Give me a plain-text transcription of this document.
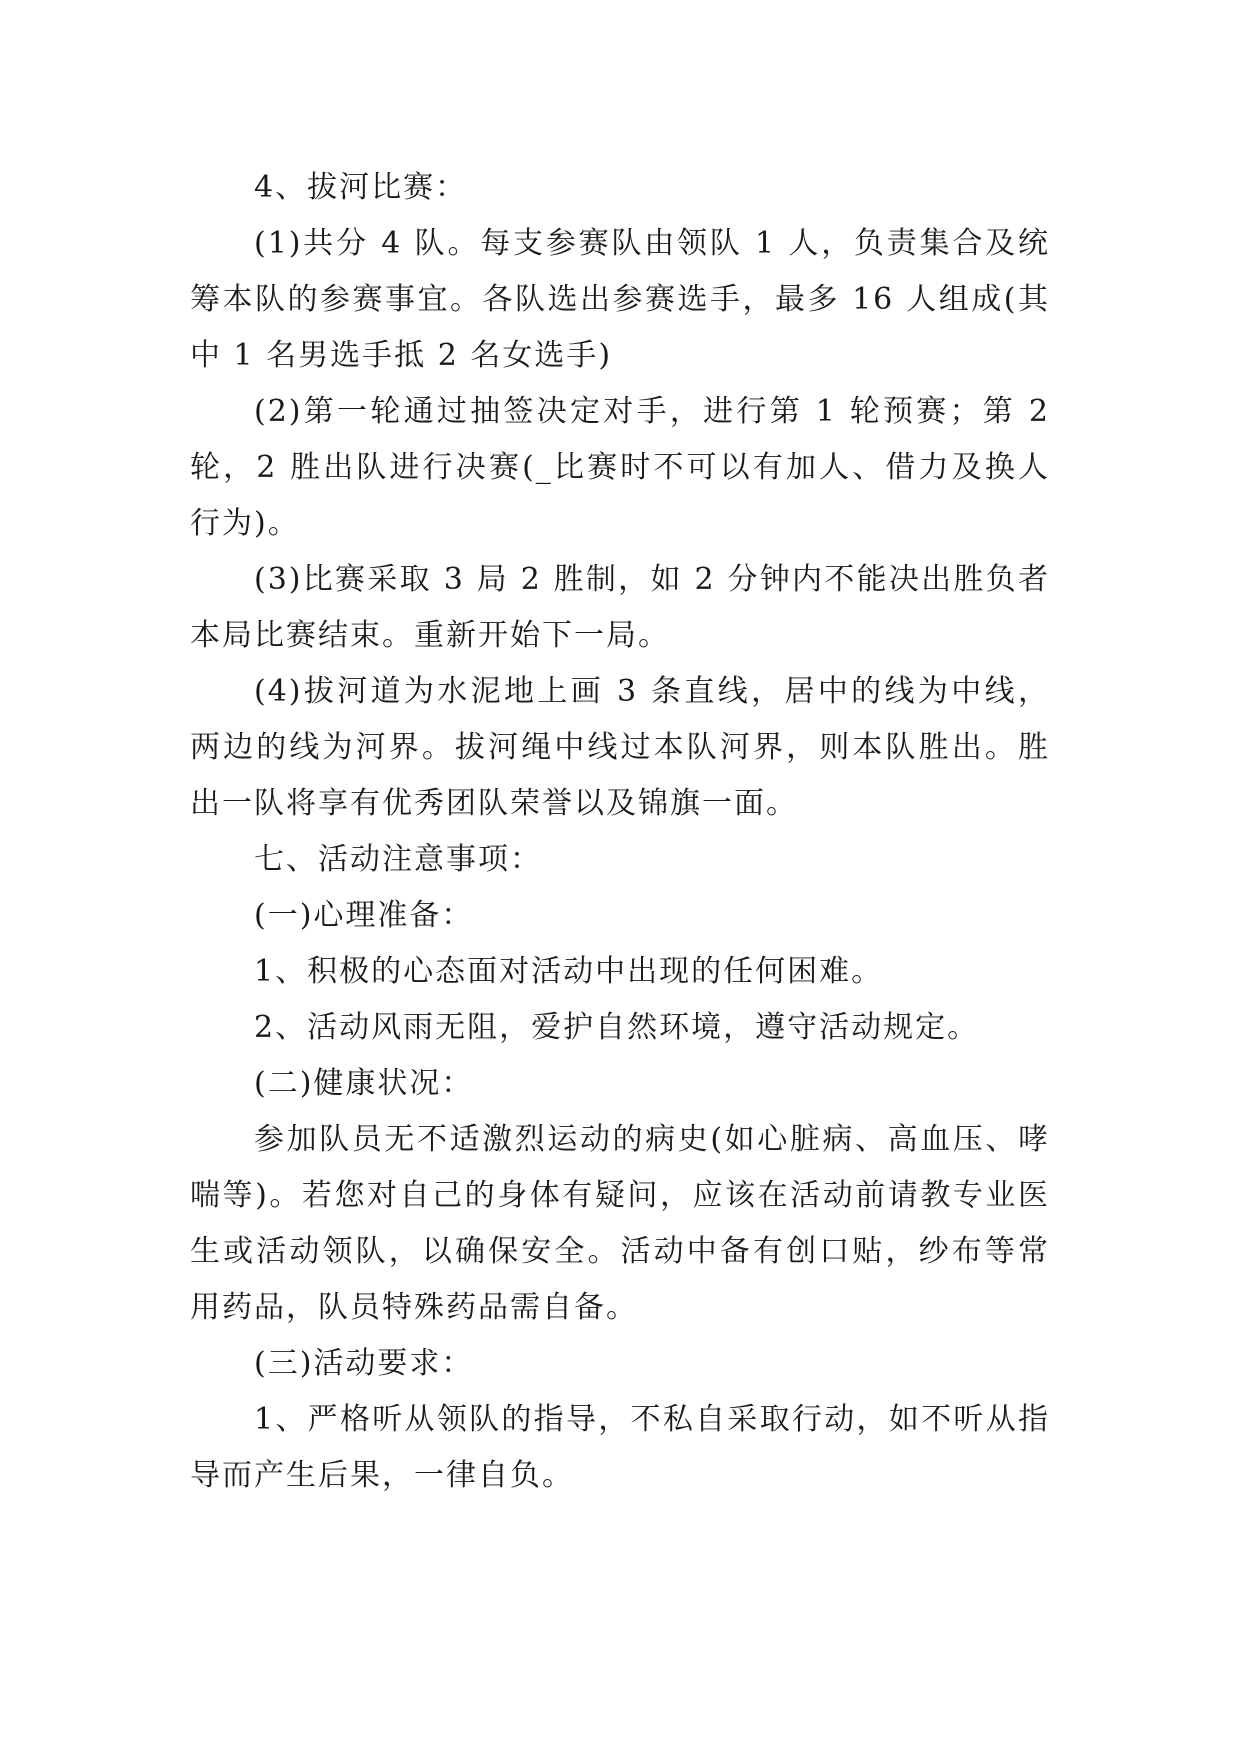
4、拔河比赛：

(1)共分 4 队。每支参赛队由领队 1 人，负责集合及统筹本队的参赛事宜。各队选出参赛选手，最多 16 人组成(其中 1 名男选手抵 2 名女选手)

(2)第一轮通过抽签决定对手，进行第 1 轮预赛；第 2 轮，2 胜出队进行决赛(_比赛时不可以有加人、借力及换人行为)。

(3)比赛采取 3 局 2 胜制，如 2 分钟内不能决出胜负者本局比赛结束。重新开始下一局。

(4)拔河道为水泥地上画 3 条直线，居中的线为中线，两边的线为河界。拔河绳中线过本队河界，则本队胜出。胜出一队将享有优秀团队荣誉以及锦旗一面。

七、活动注意事项：

(一)心理准备：

1、积极的心态面对活动中出现的任何困难。

2、活动风雨无阻，爱护自然环境，遵守活动规定。

(二)健康状况：

参加队员无不适激烈运动的病史(如心脏病、高血压、哮喘等)。若您对自己的身体有疑问，应该在活动前请教专业医生或活动领队，以确保安全。活动中备有创口贴，纱布等常用药品，队员特殊药品需自备。

(三)活动要求：

1、严格听从领队的指导，不私自采取行动，如不听从指导而产生后果，一律自负。
